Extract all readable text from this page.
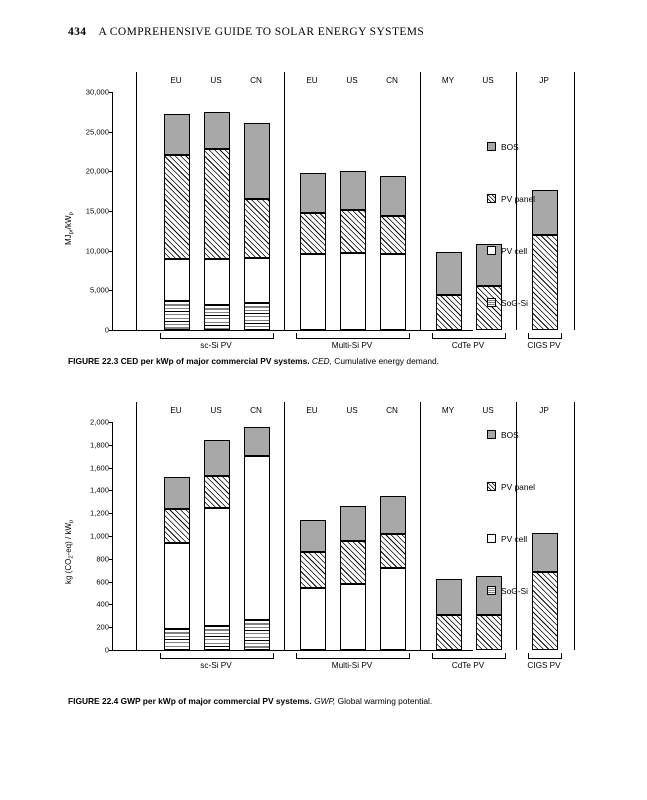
434 A COMPREHENSIVE GUIDE TO SOLAR ENERGY SYSTEMS
0
5,000
10,000
15,000
20,000
25,000
30,000
$MJ_{pr}/kW_p$
EU	US	CN	EU	US	CN	MY	US	JP
sc-Si PV	Multi-Si PV	CdTe PV	CIGS PV
BOS
PV panel
PV cell
SoG-Si
FIGURE 22.3 CED per kWp of major commercial PV systems. CED, Cumulative energy demand.
0
200
400
600
800
1,000
1,200
1,400
1,600
1,800
2,000
kg $(CO_2-eq) / kW_p$
EU	US	CN	EU	US	CN	MY	US	JP
sc-Si PV	Multi-Si PV	CdTe PV	CIGS PV
BOS
PV panel
PV cell
SoG-Si
FIGURE 22.4 GWP per kWp of major commercial PV systems. GWP, Global warming potential.
